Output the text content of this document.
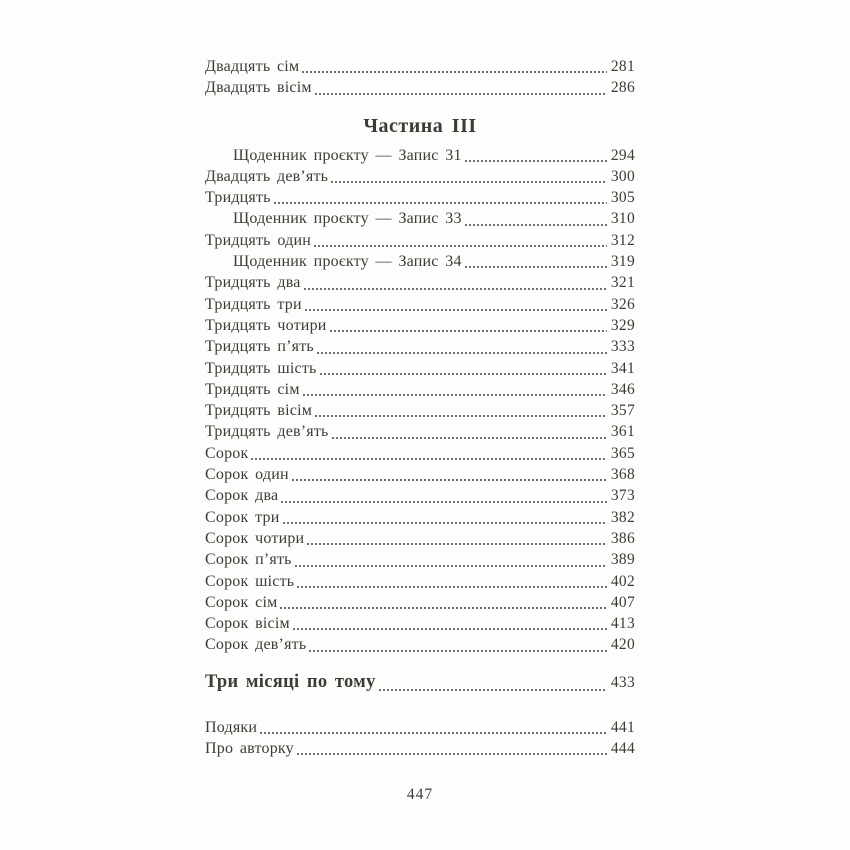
Двадцять сім	281
Двадцять вісім	286
Частина III
Щоденник проєкту — Запис 31	294
Двадцять дев’ять	300
Тридцять	305
Щоденник проєкту — Запис 33	310
Тридцять один	312
Щоденник проєкту — Запис 34	319
Тридцять два	321
Тридцять три	326
Тридцять чотири	329
Тридцять п’ять	333
Тридцять шість	341
Тридцять сім	346
Тридцять вісім	357
Тридцять дев’ять	361
Сорок	365
Сорок один	368
Сорок два	373
Сорок три	382
Сорок чотири	386
Сорок п’ять	389
Сорок шість	402
Сорок сім	407
Сорок вісім	413
Сорок дев’ять	420
Три місяці по тому	433
Подяки	441
Про авторку	444
447
